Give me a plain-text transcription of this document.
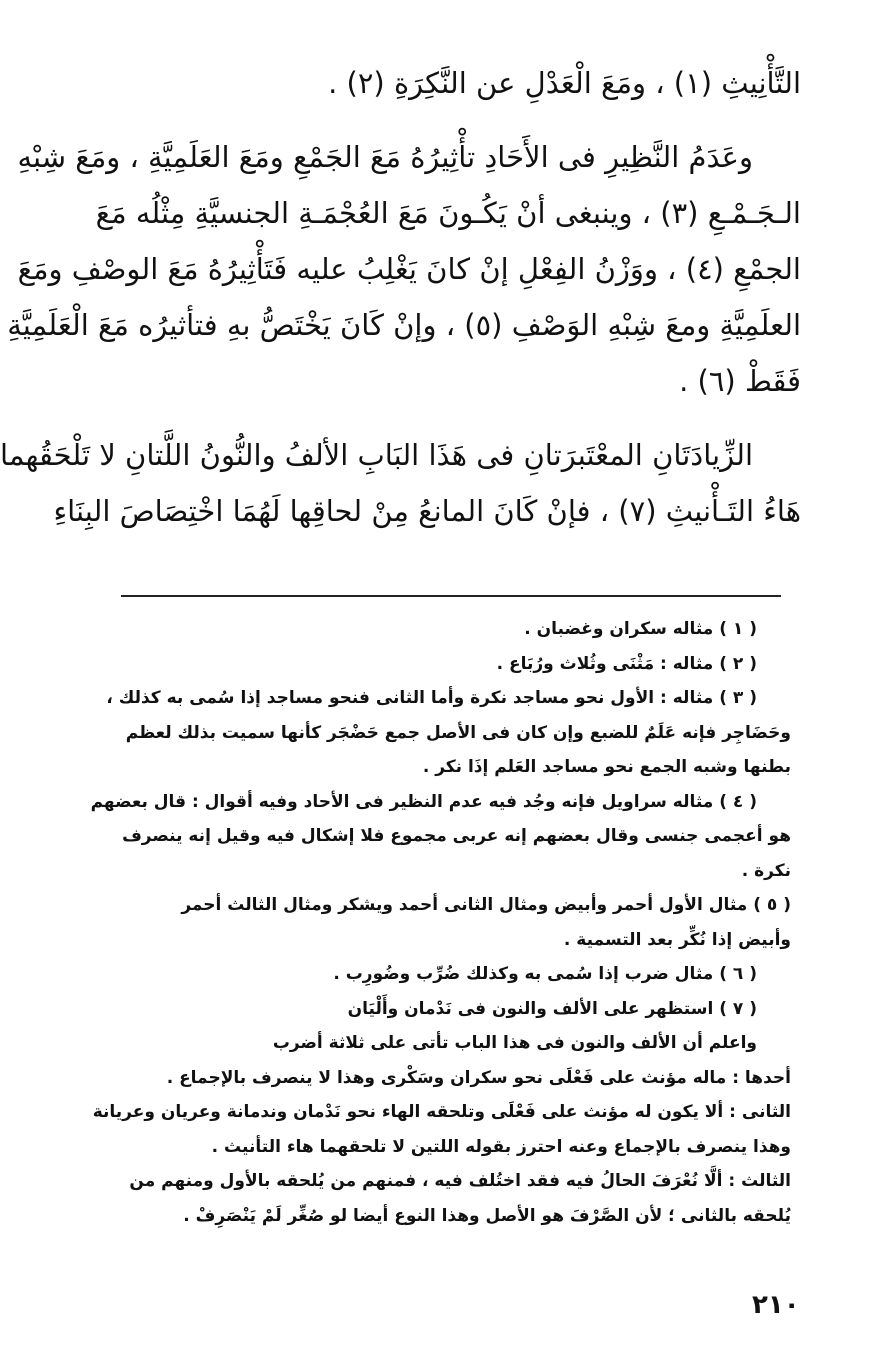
التَّأْنِيثِ (١) ، ومَعَ الْعَدْلِ عن النَّكِرَةِ (٢) .
وعَدَمُ النَّظِيرِ فى الأَحَادِ تأْثِيرُهُ مَعَ الجَمْعِ ومَعَ العَلَمِيَّةِ ، ومَعَ شِبْهِ
الـجَـمْـعِ (٣) ، وينبغى أنْ يَكُـونَ مَعَ العُجْمَـةِ الجنسيَّةِ مِثْلُه مَعَ
الجمْعِ (٤) ، ووَزْنُ الفِعْلِ إنْ كانَ يَغْلِبُ عليه فَتَأْثِيرُهُ مَعَ الوصْفِ ومَعَ
العلَمِيَّةِ ومعَ شِبْهِ الوَصْفِ (٥) ، وإنْ كَانَ يَخْتَصُّ بهِ فتأثيرُه مَعَ الْعَلَمِيَّةِ
فَقَطْ (٦) .
الزِّيادَتَانِ المعْتَبرَتانِ فى هَذَا البَابِ الألفُ والنُّونُ اللَّتانِ لا تَلْحَقُهما
هَاءُ التَـأْنيثِ (٧) ، فإنْ كَانَ المانعُ مِنْ لحاقِها لَهُمَا اخْتِصَاصَ البِنَاءِ
( ١ ) مثاله سكران وغضبان .
( ٢ ) مثاله : مَثْنَى وثُلاث ورُبَاع .
( ٣ ) مثاله : الأول نحو مساجد نكرة وأما الثانى فنحو مساجد إذا سُمى به كذلك ،
وحَضَاجِر فإنه عَلَمٌ للضبع وإن كان فى الأصل جمع حَضْجَر كأنها سميت بذلك لعظم
بطنها وشبه الجمع نحو مساجد العَلم إذَا نكر .
( ٤ ) مثاله سراويل فإنه وجُد فيه عدم النظير فى الأحاد وفيه أقوال : قال بعضهم
هو أعجمى جنسى وقال بعضهم إنه عربى مجموع فلا إشكال فيه وقيل إنه ينصرف
نكرة .
( ٥ ) مثال الأول أحمر وأبيض ومثال الثانى أحمد ويشكر ومثال الثالث أحمر
وأبيض إذا نُكِّر بعد التسمية .
( ٦ ) مثال ضرب إذا سُمى به وكذلك ضُرِّب وضُورِب .
( ٧ ) استظهر على الألف والنون فى نَدْمان وأَلْيَان
واعلم أن الألف والنون فى هذا الباب تأتى على ثلاثة أضرب
أحدها : ماله مؤنث على فَعْلَى نحو سكران وسَكْرى وهذا لا ينصرف بالإجماع .
الثانى : ألا يكون له مؤنث على فَعْلَى وتلحقه الهاء نحو نَدْمان وندمانة وعريان وعريانة
وهذا ينصرف بالإجماع وعنه احترز بقوله اللتين لا تلحقهما هاء التأنيث .
الثالث : ألَّا نُعْرَفَ الحالُ فيه فقد اختُلف فيه ، فمنهم من يُلحقه بالأول ومنهم من
يُلحقه بالثانى ؛ لأن الصَّرْفَ هو الأصل وهذا النوع أيضا لو صُغِّر لَمْ يَنْصَرِفْ .
٢١٠
